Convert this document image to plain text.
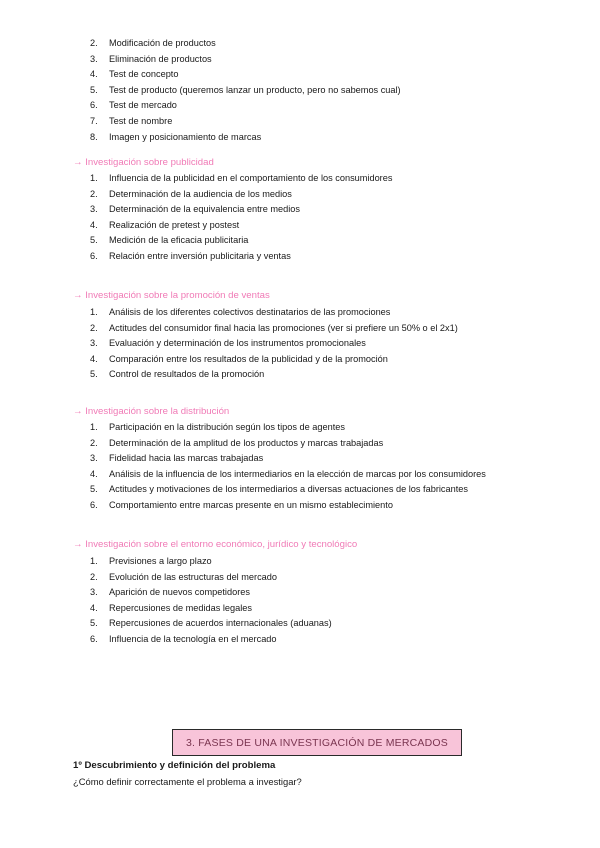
2.	Modificación de productos
3.	Eliminación de productos
4.	Test de concepto
5.	Test de producto (queremos lanzar un producto, pero no sabemos cual)
6.	Test de mercado
7.	Test de nombre
8.	Imagen y posicionamiento de marcas
→ Investigación sobre publicidad
1.	Influencia de la publicidad en el comportamiento de los consumidores
2.	Determinación de la audiencia de los medios
3.	Determinación de la equivalencia entre medios
4.	Realización de pretest y postest
5.	Medición de la eficacia publicitaria
6.	Relación entre inversión publicitaria y ventas
→ Investigación sobre la promoción de ventas
1.	Análisis de los diferentes colectivos destinatarios de las promociones
2.	Actitudes del consumidor final hacia las promociones (ver si prefiere un 50% o el 2x1)
3.	Evaluación y determinación de los instrumentos promocionales
4.	Comparación entre los resultados de la publicidad y de la promoción
5.	Control de resultados de la promoción
→ Investigación sobre la distribución
1.	Participación en la distribución según los tipos de agentes
2.	Determinación de la amplitud de los productos y marcas trabajadas
3.	Fidelidad hacia las marcas trabajadas
4.	Análisis de la influencia de los intermediarios en la elección de marcas por los consumidores
5.	Actitudes y motivaciones de los intermediarios a diversas actuaciones de los fabricantes
6.	Comportamiento entre marcas presente en un mismo establecimiento
→ Investigación sobre el entorno económico, jurídico y tecnológico
1.	Previsiones a largo plazo
2.	Evolución de las estructuras del mercado
3.	Aparición de nuevos competidores
4.	Repercusiones de medidas legales
5.	Repercusiones de acuerdos internacionales (aduanas)
6.	Influencia de la tecnología en el mercado
3. FASES DE UNA INVESTIGACIÓN DE MERCADOS
1º Descubrimiento y definición del problema
¿Cómo definir correctamente el problema a investigar?
